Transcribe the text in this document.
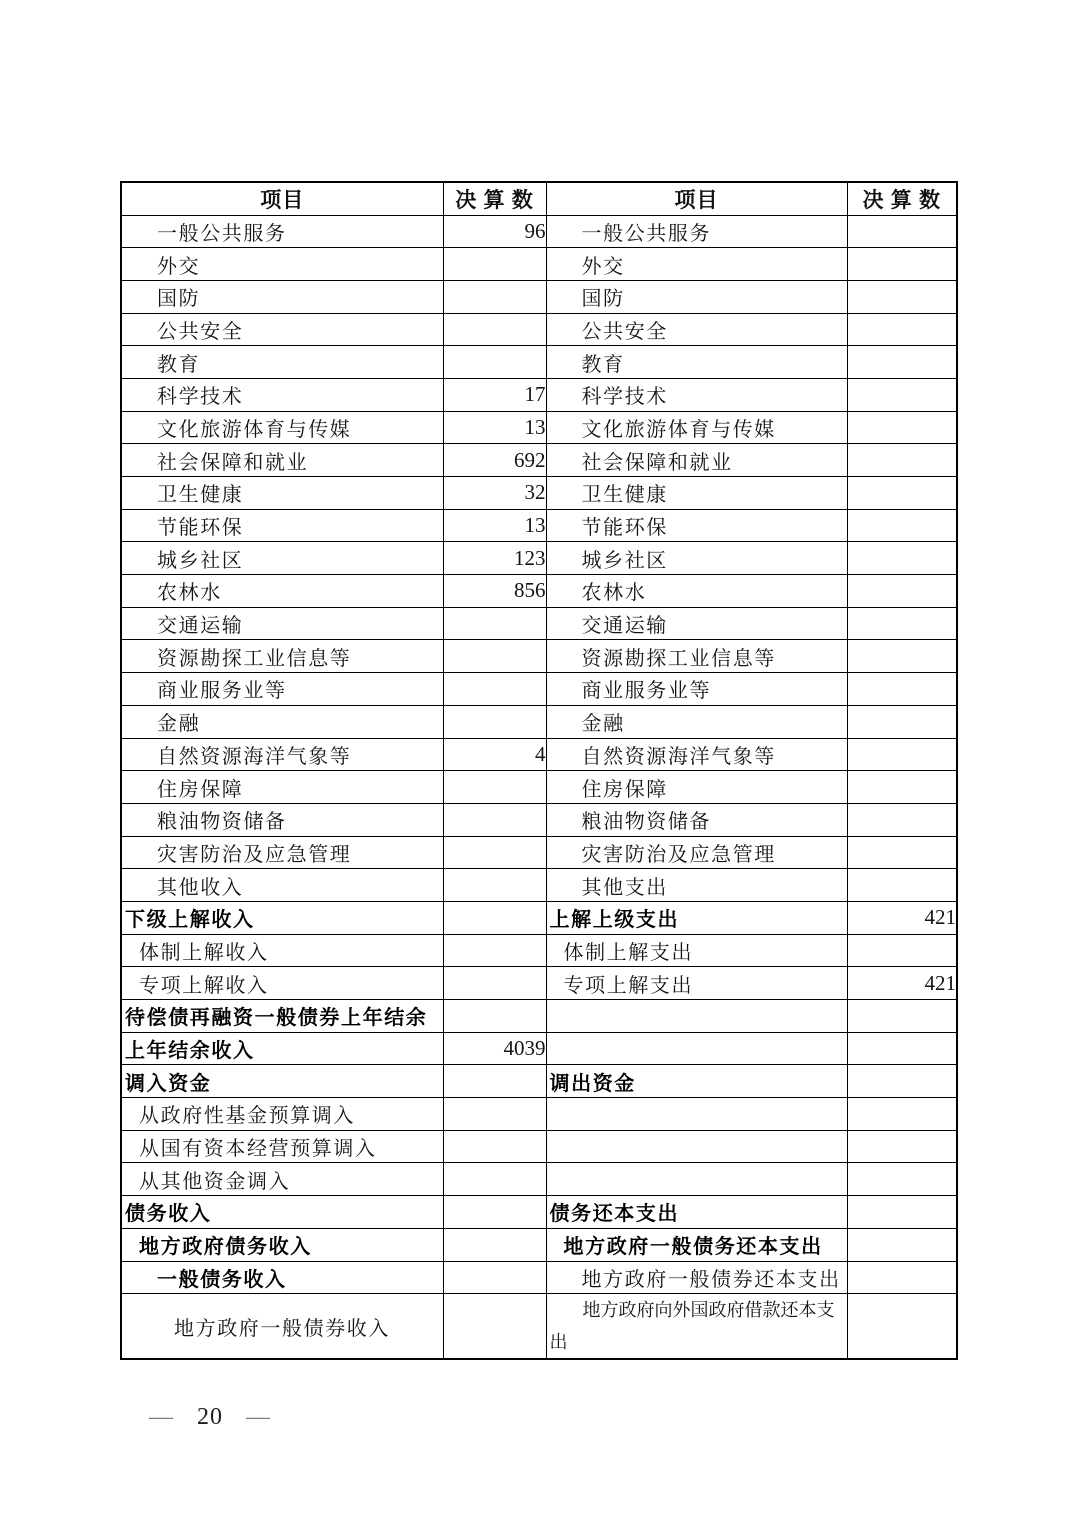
项目	决 算 数	项目	决 算 数
一般公共服务	96	一般公共服务	
外交		外交	
国防		国防	
公共安全		公共安全	
教育		教育	
科学技术	17	科学技术	
文化旅游体育与传媒	13	文化旅游体育与传媒	
社会保障和就业	692	社会保障和就业	
卫生健康	32	卫生健康	
节能环保	13	节能环保	
城乡社区	123	城乡社区	
农林水	856	农林水	
交通运输		交通运输	
资源勘探工业信息等		资源勘探工业信息等	
商业服务业等		商业服务业等	
金融		金融	
自然资源海洋气象等	4	自然资源海洋气象等	
住房保障		住房保障	
粮油物资储备		粮油物资储备	
灾害防治及应急管理		灾害防治及应急管理	
其他收入		其他支出	
下级上解收入		上解上级支出	421
体制上解收入		体制上解支出	
专项上解收入		专项上解支出	421
待偿债再融资一般债券上年结余			
上年结余收入	4039		
调入资金		调出资金	
从政府性基金预算调入			
从国有资本经营预算调入			
从其他资金调入			
债务收入		债务还本支出	
地方政府债务收入		地方政府一般债务还本支出	
一般债务收入		地方政府一般债券还本支出	
地方政府一般债券收入		地方政府向外国政府借款还本支出	
— 20 —
